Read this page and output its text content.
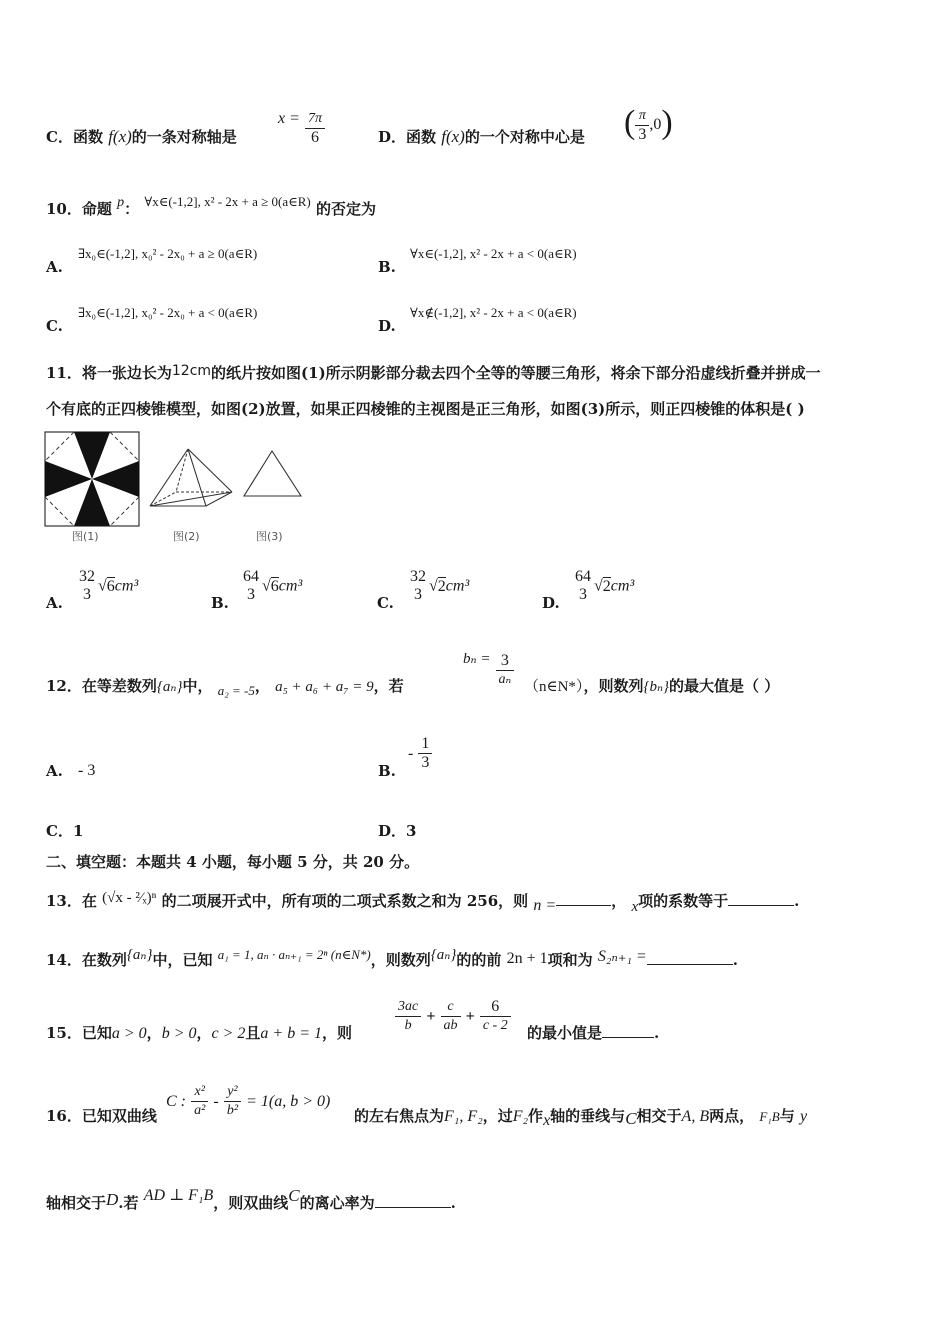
C．函数 f(x)的一条对称轴是
$x = \frac{7\pi}{6}$	D．函数 f(x)的一个对称中心是 ( $\frac{\pi}{3} ,0$)
10．命题 p： ∀x∈(-1,2], x² - 2x + a ≥ 0(a∈R) 的否定为
A.
∃x₀∈(-1,2], x₀² - 2x₀ + a ≥ 0(a∈R)
B.
∀x∈(-1,2], x² - 2x + a < 0(a∈R)
C.
∃x₀∈(-1,2], x₀² - 2x₀ + a < 0(a∈R)
D.
∀x∉(-1,2], x² - 2x + a < 0(a∈R)
11．将一张边长为12cm的纸片按如图(1)所示阴影部分裁去四个全等的等腰三角形，将余下部分沿虚线折叠并拼成一
个有底的正四棱锥模型，如图(2)放置，如果正四棱锥的主视图是正三角形，如图(3)所示，则正四棱锥的体积是( )
图(1)	图(2)	图(3)
A.
32
3 √6cm³
B.
64
3 √6cm³
C.
32
3 √2cm³
D.
64
3 √2cm³
12．在等差数列{aₙ}中， a₂ = -5， a₅ + a₆ + a₇ = 9，若
$b_n = \frac{3}{\text{aₙ}}$ （n∈N*），则数列{bₙ}的最大值是（ ）
A. - 3	B.
- $\frac{1}{3}$
C．1	D．3
二、填空题：本题共 4 小题，每小题 5 分，共 20 分。
13．在 (√x - ²⁄ₓ)ⁿ 的二项展开式中，所有项的二项式系数之和为 256，则 n =	， x项的系数等于	.
14．在数列{aₙ}中，已知 a₁ = 1, aₙ · aₙ₊₁ = 2ⁿ (n∈N*)，则数列{aₙ}的的前 2n + 1项和为 S₂ₙ₊₁ =	.
15．已知a > 0，b > 0，c > 2且a + b = 1，则	$\frac{3ac}{b} + \frac{c}{ab} + \frac{6}{c - 2}$ 的最小值是	.
16．已知双曲线
C : $\frac{\text{x²}}{\text{a²}} - \frac{\text{y²}}{\text{b²}} = 1(a$, b > 0)
的左右焦点为F₁, F₂，过F₂作x轴的垂线与C相交于A, B两点， F₁B与 y
轴相交于D.若 AD ⊥ F₁B，则双曲线C的离心率为	.
